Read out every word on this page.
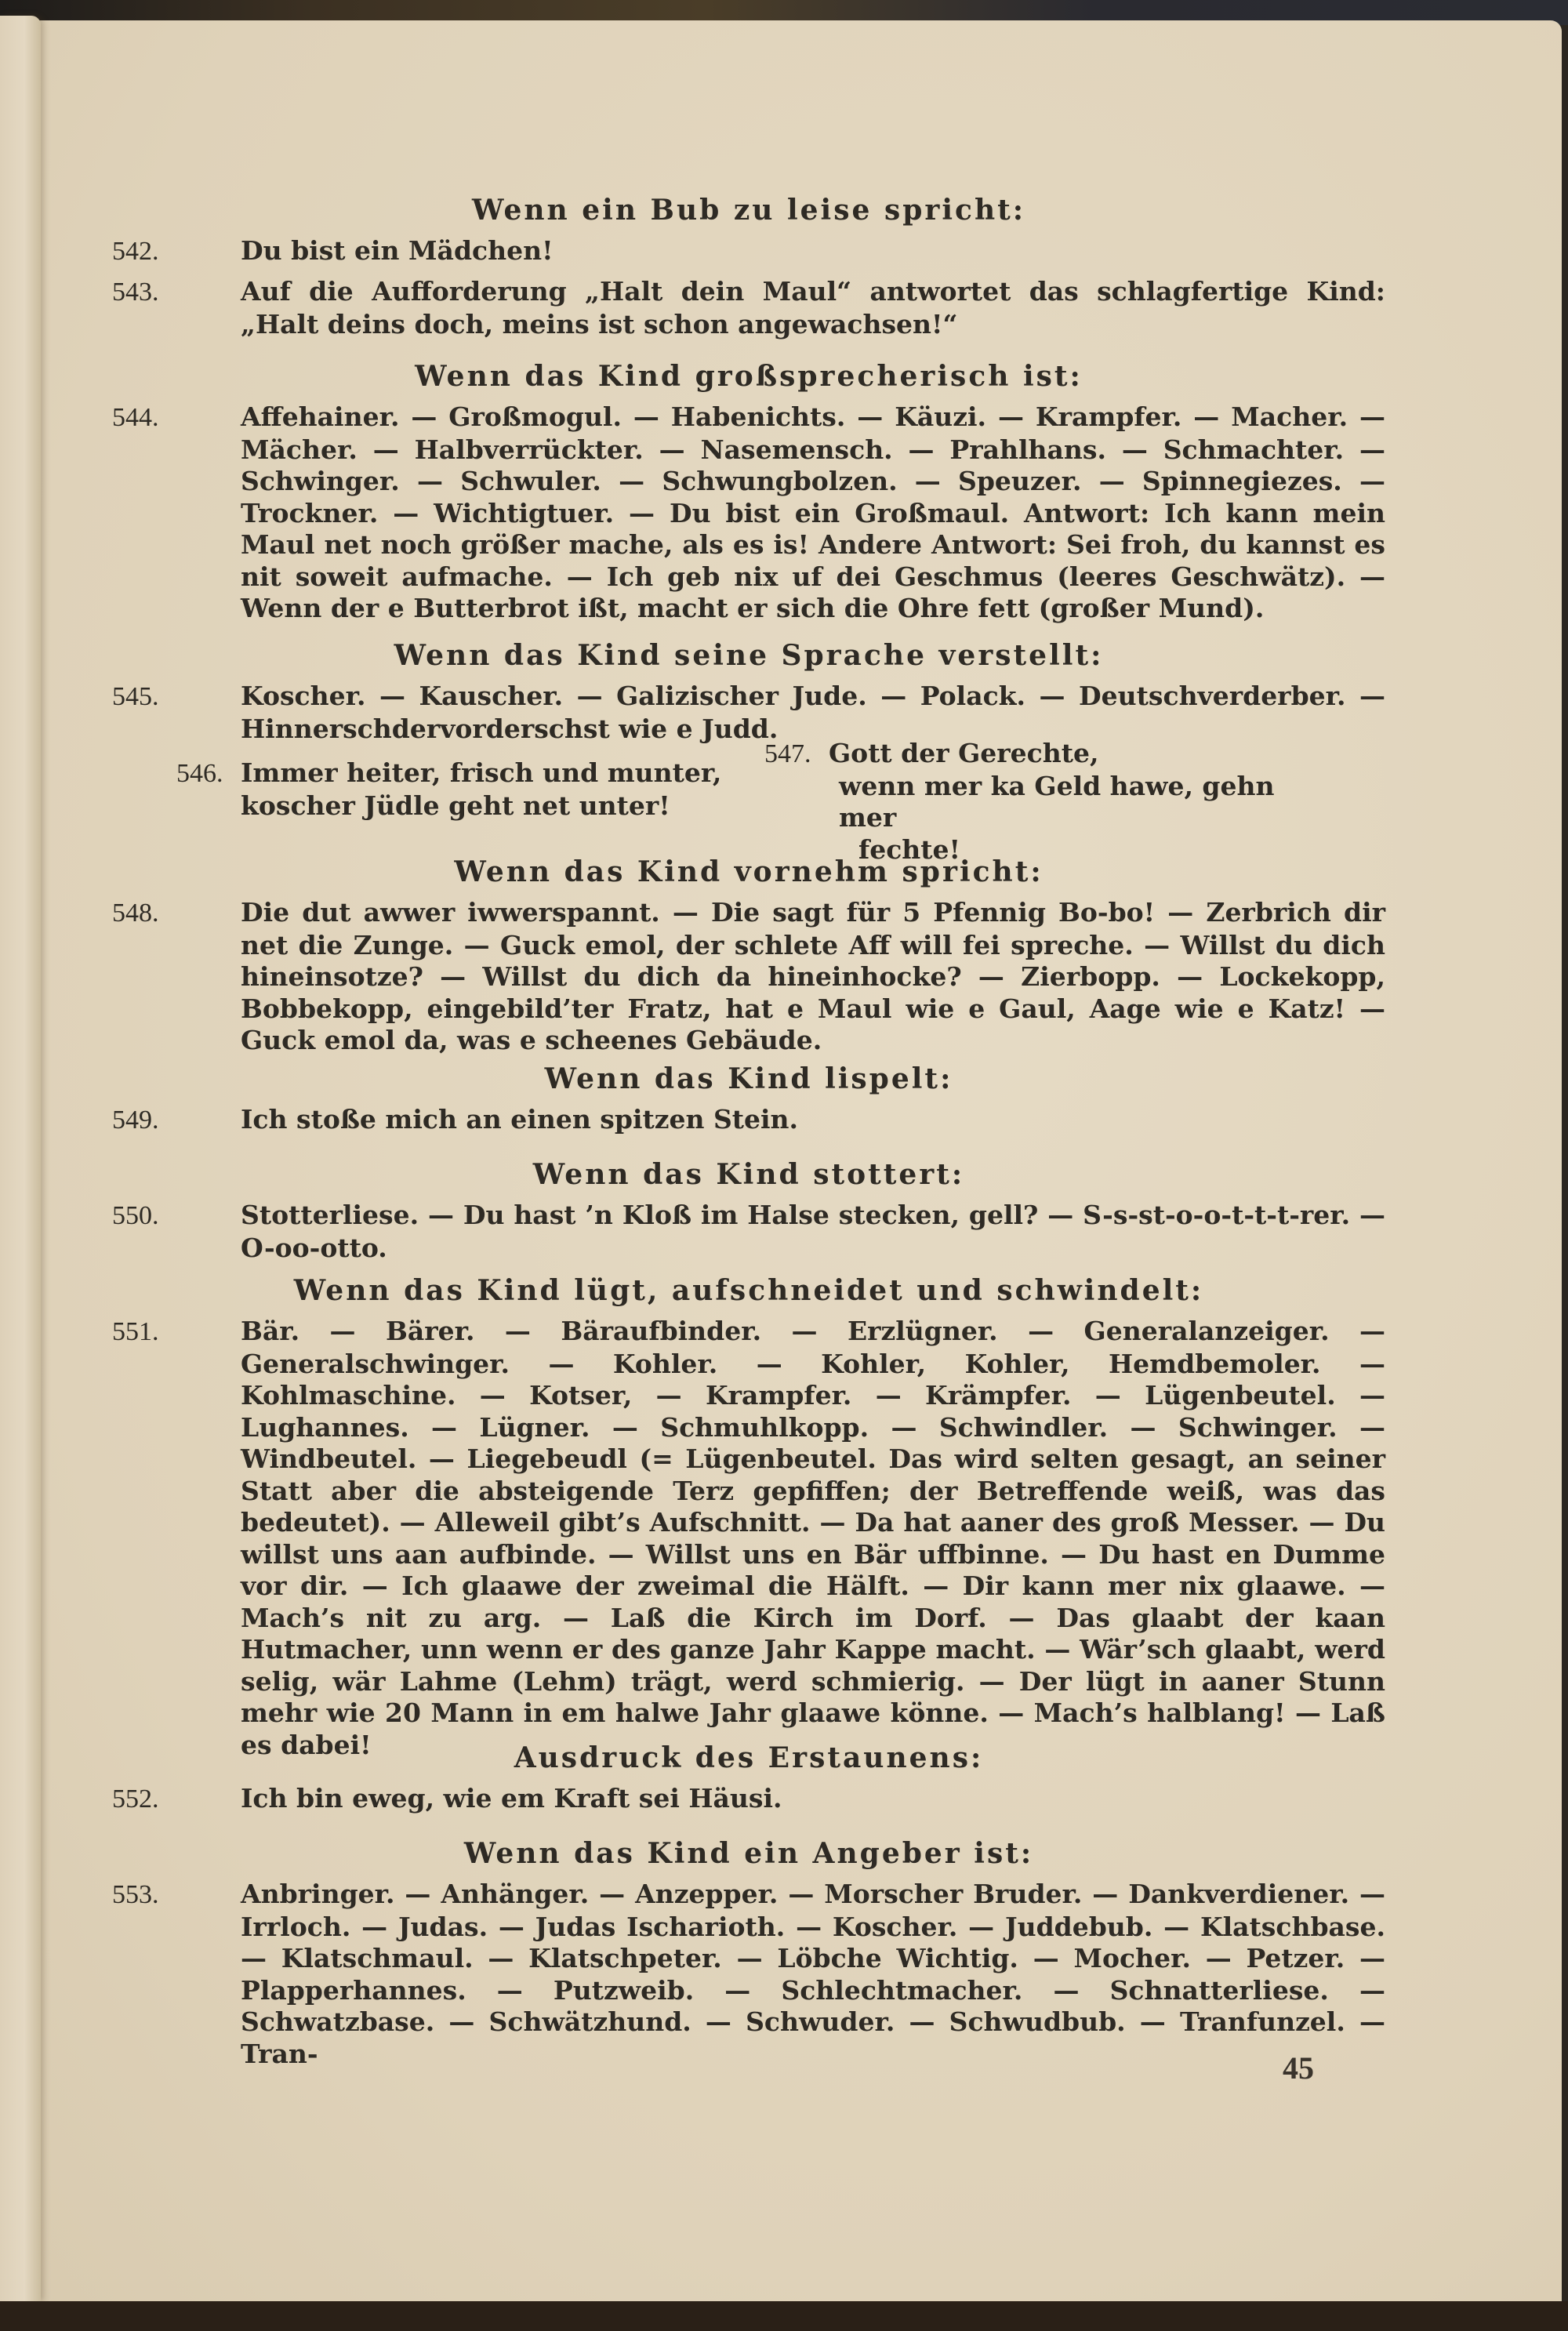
Wenn ein Bub zu leise spricht:
542.	Du bist ein Mädchen!
543.	Auf die Aufforderung „Halt dein Maul“ antwortet das schlagfertige Kind: „Halt deins doch, meins ist schon angewachsen!“
Wenn das Kind großsprecherisch ist:
544.	Affehainer. — Großmogul. — Habenichts. — Käuzi. — Krampfer. — Macher. — Mächer. — Halbverrückter. — Nasemensch. — Prahlhans. — Schmachter. — Schwinger. — Schwuler. — Schwungbolzen. — Speuzer. — Spinnegiezes. — Trockner. — Wichtigtuer. — Du bist ein Großmaul. Antwort: Ich kann mein Maul net noch größer mache, als es is! Andere Antwort: Sei froh, du kannst es nit soweit aufmache. — Ich geb nix uf dei Geschmus (leeres Geschwätz). — Wenn der e Butterbrot ißt, macht er sich die Ohre fett (großer Mund).
Wenn das Kind seine Sprache verstellt:
545.	Koscher. — Kauscher. — Galizischer Jude. — Polack. — Deutschverderber. — Hinnerschdervorderschst wie e Judd.
546. Immer heiter, frisch und munter,
koscher Jüdle geht net unter!
547. Gott der Gerechte,
wenn mer ka Geld hawe, gehn mer
fechte!
Wenn das Kind vornehm spricht:
548.	Die dut awwer iwwerspannt. — Die sagt für 5 Pfennig Bo-bo! — Zerbrich dir net die Zunge. — Guck emol, der schlete Aff will fei spreche. — Willst du dich hineinsotze? — Willst du dich da hineinhocke? — Zierbopp. — Lockekopp, Bobbekopp, eingebild’ter Fratz, hat e Maul wie e Gaul, Aage wie e Katz! — Guck emol da, was e scheenes Gebäude.
Wenn das Kind lispelt:
549.	Ich stoße mich an einen spitzen Stein.
Wenn das Kind stottert:
550.	Stotterliese. — Du hast ’n Kloß im Halse stecken, gell? — S-s-st-o-o-t-t-t-rer. — O-oo-otto.
Wenn das Kind lügt, aufschneidet und schwindelt:
551.	Bär. — Bärer. — Bäraufbinder. — Erzlügner. — Generalanzeiger. — Generalschwinger. — Kohler. — Kohler, Kohler, Hemdbemoler. — Kohlmaschine. — Kotser, — Krampfer. — Krämpfer. — Lügenbeutel. — Lughannes. — Lügner. — Schmuhlkopp. — Schwindler. — Schwinger. — Windbeutel. — Liegebeudl (= Lügenbeutel. Das wird selten gesagt, an seiner Statt aber die absteigende Terz gepfiffen; der Betreffende weiß, was das bedeutet). — Alleweil gibt’s Aufschnitt. — Da hat aaner des groß Messer. — Du willst uns aan aufbinde. — Willst uns en Bär uffbinne. — Du hast en Dumme vor dir. — Ich glaawe der zweimal die Hälft. — Dir kann mer nix glaawe. — Mach’s nit zu arg. — Laß die Kirch im Dorf. — Das glaabt der kaan Hutmacher, unn wenn er des ganze Jahr Kappe macht. — Wär’sch glaabt, werd selig, wär Lahme (Lehm) trägt, werd schmierig. — Der lügt in aaner Stunn mehr wie 20 Mann in em halwe Jahr glaawe könne. — Mach’s halblang! — Laß es dabei!	Ausdruck des Erstaunens:
552.	Ich bin eweg, wie em Kraft sei Häusi.
Wenn das Kind ein Angeber ist:
553.	Anbringer. — Anhänger. — Anzepper. — Morscher Bruder. — Dankverdiener. — Irrloch. — Judas. — Judas Ischarioth. — Koscher. — Juddebub. — Klatschbase. — Klatschmaul. — Klatschpeter. — Löbche Wichtig. — Mocher. — Petzer. — Plapperhannes. — Putzweib. — Schlechtmacher. — Schnatterliese. — Schwatzbase. — Schwätzhund. — Schwuder. — Schwudbub. — Tranfunzel. — Tran-	45
